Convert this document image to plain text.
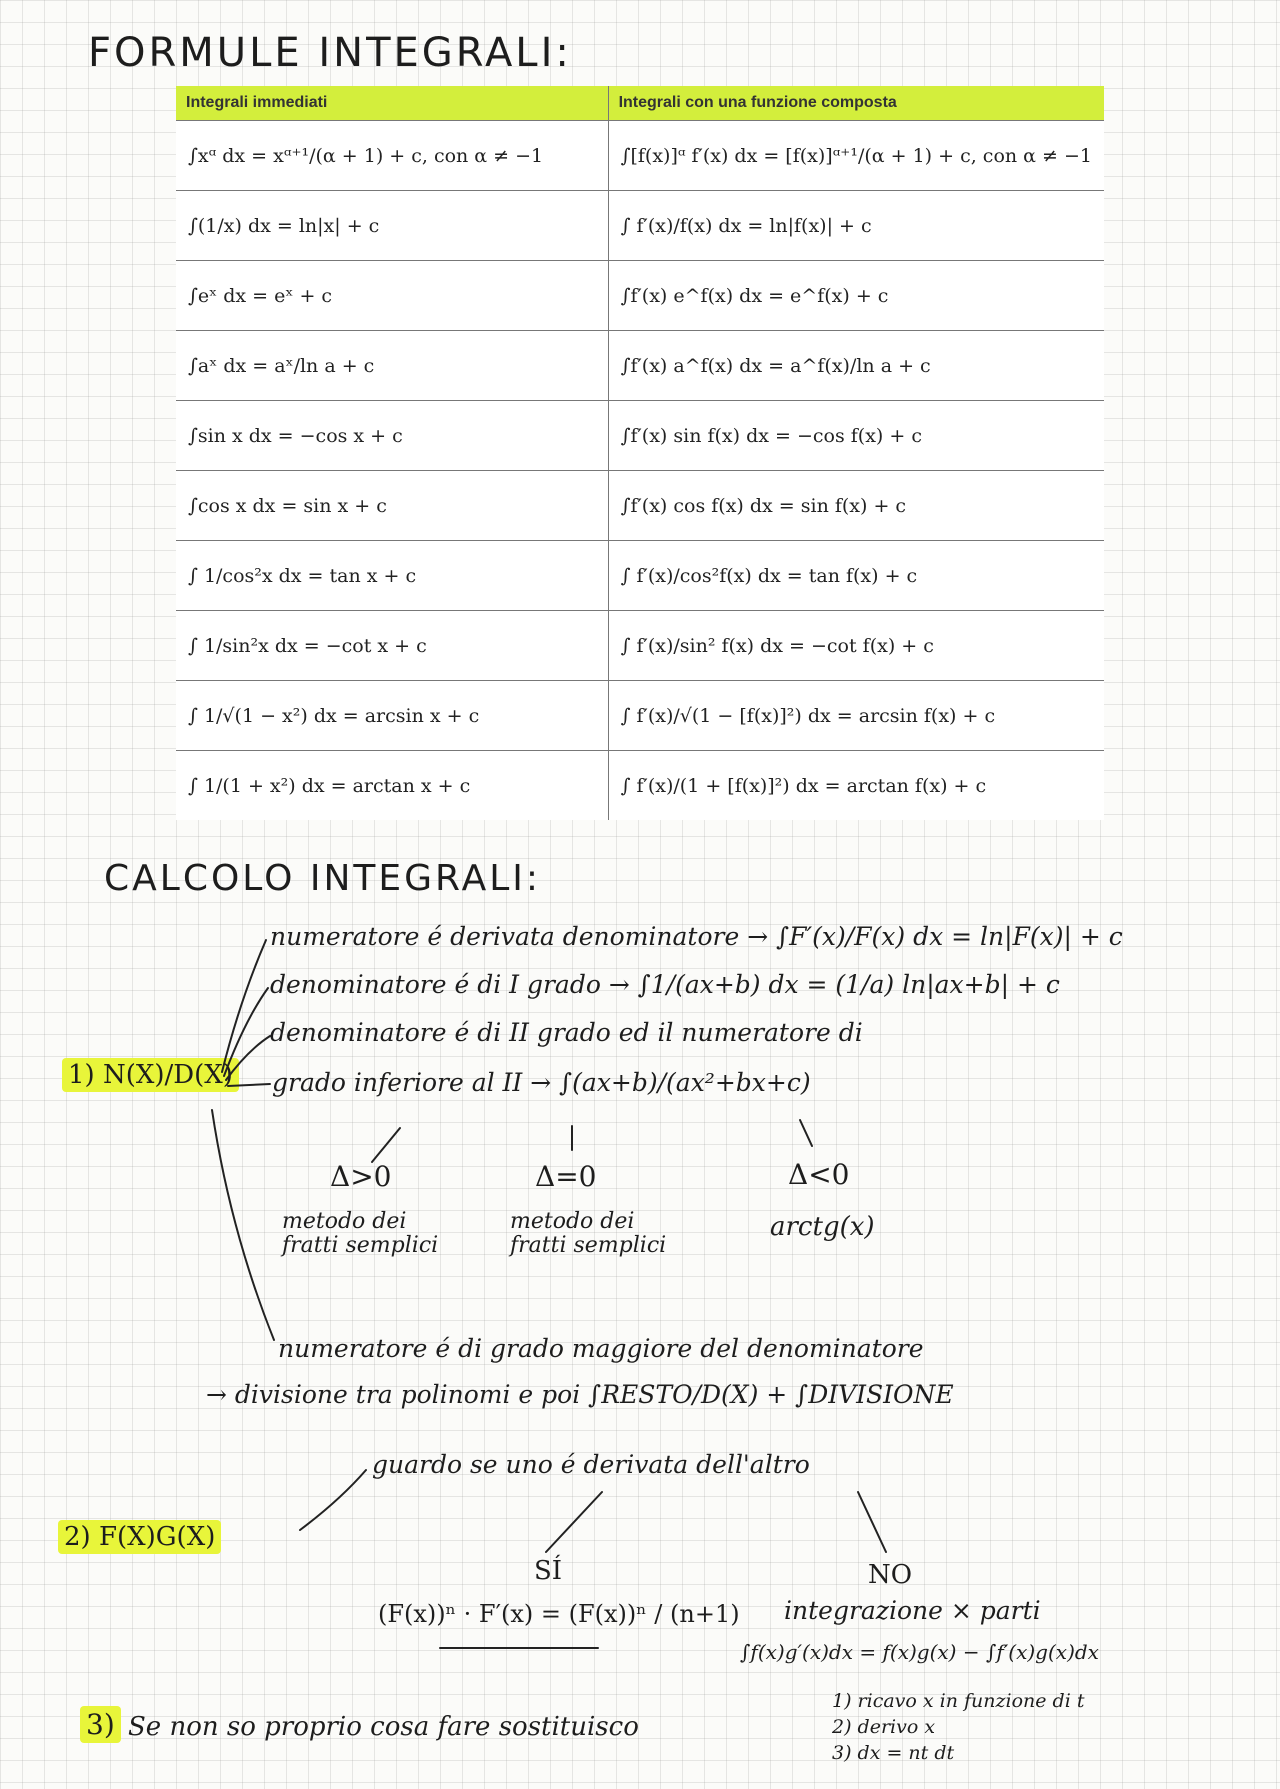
FORMULE INTEGRALI:
Integrali immediati	Integrali con una funzione composta
∫xᵅ dx = xᵅ⁺¹/(α + 1) + c, con α ≠ −1	∫[f(x)]ᵅ f′(x) dx = [f(x)]ᵅ⁺¹/(α + 1) + c, con α ≠ −1
∫(1/x) dx = ln|x| + c	∫ f′(x)/f(x) dx = ln|f(x)| + c
∫eˣ dx = eˣ + c	∫f′(x) e^f(x) dx = e^f(x) + c
∫aˣ dx = aˣ/ln a + c	∫f′(x) a^f(x) dx = a^f(x)/ln a + c
∫sin x dx = −cos x + c	∫f′(x) sin f(x) dx = −cos f(x) + c
∫cos x dx = sin x + c	∫f′(x) cos f(x) dx = sin f(x) + c
∫ 1/cos²x dx = tan x + c	∫ f′(x)/cos²f(x) dx = tan f(x) + c
∫ 1/sin²x dx = −cot x + c	∫ f′(x)/sin² f(x) dx = −cot f(x) + c
∫ 1/√(1 − x²) dx = arcsin x + c	∫ f′(x)/√(1 − [f(x)]²) dx = arcsin f(x) + c
∫ 1/(1 + x²) dx = arctan x + c	∫ f′(x)/(1 + [f(x)]²) dx = arctan f(x) + c
CALCOLO INTEGRALI:
1) N(X)/D(X)
numeratore é derivata denominatore → ∫F′(x)/F(x) dx = ln|F(x)| + c
denominatore é di I grado → ∫1/(ax+b) dx = (1/a) ln|ax+b| + c
denominatore é di II grado ed il numeratore di
grado inferiore al II → ∫(ax+b)/(ax²+bx+c)
Δ>0	Δ=0	Δ<0
metodo dei fratti semplici
metodo dei fratti semplici
arctg(x)
numeratore é di grado maggiore del denominatore
→ divisione tra polinomi e poi ∫RESTO/D(X) + ∫DIVISIONE
2) F(X)G(X)
guardo se uno é derivata dell'altro
SÍ
(F(x))ⁿ · F′(x) = (F(x))ⁿ / (n+1)
NO
integrazione × parti
∫f(x)g′(x)dx = f(x)g(x) − ∫f′(x)g(x)dx
3) Se non so proprio cosa fare sostituisco
1) ricavo x in funzione di t
2) derivo x
3) dx = nt dt
